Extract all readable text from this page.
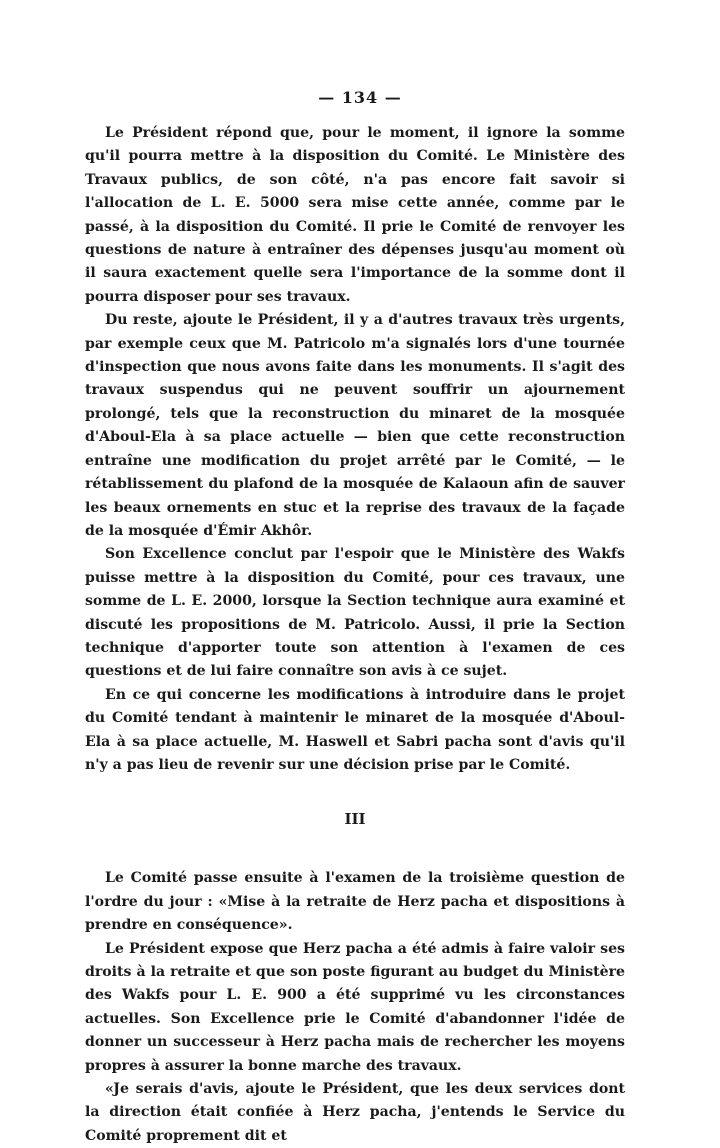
— 134 —

Le Président répond que, pour le moment, il ignore la somme qu'il pourra mettre à la disposition du Comité. Le Ministère des Travaux publics, de son côté, n'a pas encore fait savoir si l'allocation de L. E. 5000 sera mise cette année, comme par le passé, à la disposition du Comité. Il prie le Comité de renvoyer les questions de nature à entraîner des dépenses jusqu'au moment où il saura exactement quelle sera l'importance de la somme dont il pourra disposer pour ses travaux.

Du reste, ajoute le Président, il y a d'autres travaux très urgents, par exemple ceux que M. Patricolo m'a signalés lors d'une tournée d'inspection que nous avons faite dans les monuments. Il s'agit des travaux suspendus qui ne peuvent souffrir un ajournement prolongé, tels que la reconstruction du minaret de la mosquée d'Aboul-Ela à sa place actuelle — bien que cette reconstruction entraîne une modification du projet arrêté par le Comité, — le rétablissement du plafond de la mosquée de Kalaoun afin de sauver les beaux ornements en stuc et la reprise des travaux de la façade de la mosquée d'Émir Akhôr.

Son Excellence conclut par l'espoir que le Ministère des Wakfs puisse mettre à la disposition du Comité, pour ces travaux, une somme de L. E. 2000, lorsque la Section technique aura examiné et discuté les propositions de M. Patricolo. Aussi, il prie la Section technique d'apporter toute son attention à l'examen de ces questions et de lui faire connaître son avis à ce sujet.

En ce qui concerne les modifications à introduire dans le projet du Comité tendant à maintenir le minaret de la mosquée d'Aboul-Ela à sa place actuelle, M. Haswell et Sabri pacha sont d'avis qu'il n'y a pas lieu de revenir sur une décision prise par le Comité.

III

Le Comité passe ensuite à l'examen de la troisième question de l'ordre du jour : «Mise à la retraite de Herz pacha et dispositions à prendre en conséquence».

Le Président expose que Herz pacha a été admis à faire valoir ses droits à la retraite et que son poste figurant au budget du Ministère des Wakfs pour L. E. 900 a été supprimé vu les circonstances actuelles. Son Excellence prie le Comité d'abandonner l'idée de donner un successeur à Herz pacha mais de rechercher les moyens propres à assurer la bonne marche des travaux.

«Je serais d'avis, ajoute le Président, que les deux services dont la direction était confiée à Herz pacha, j'entends le Service du Comité proprement dit et
